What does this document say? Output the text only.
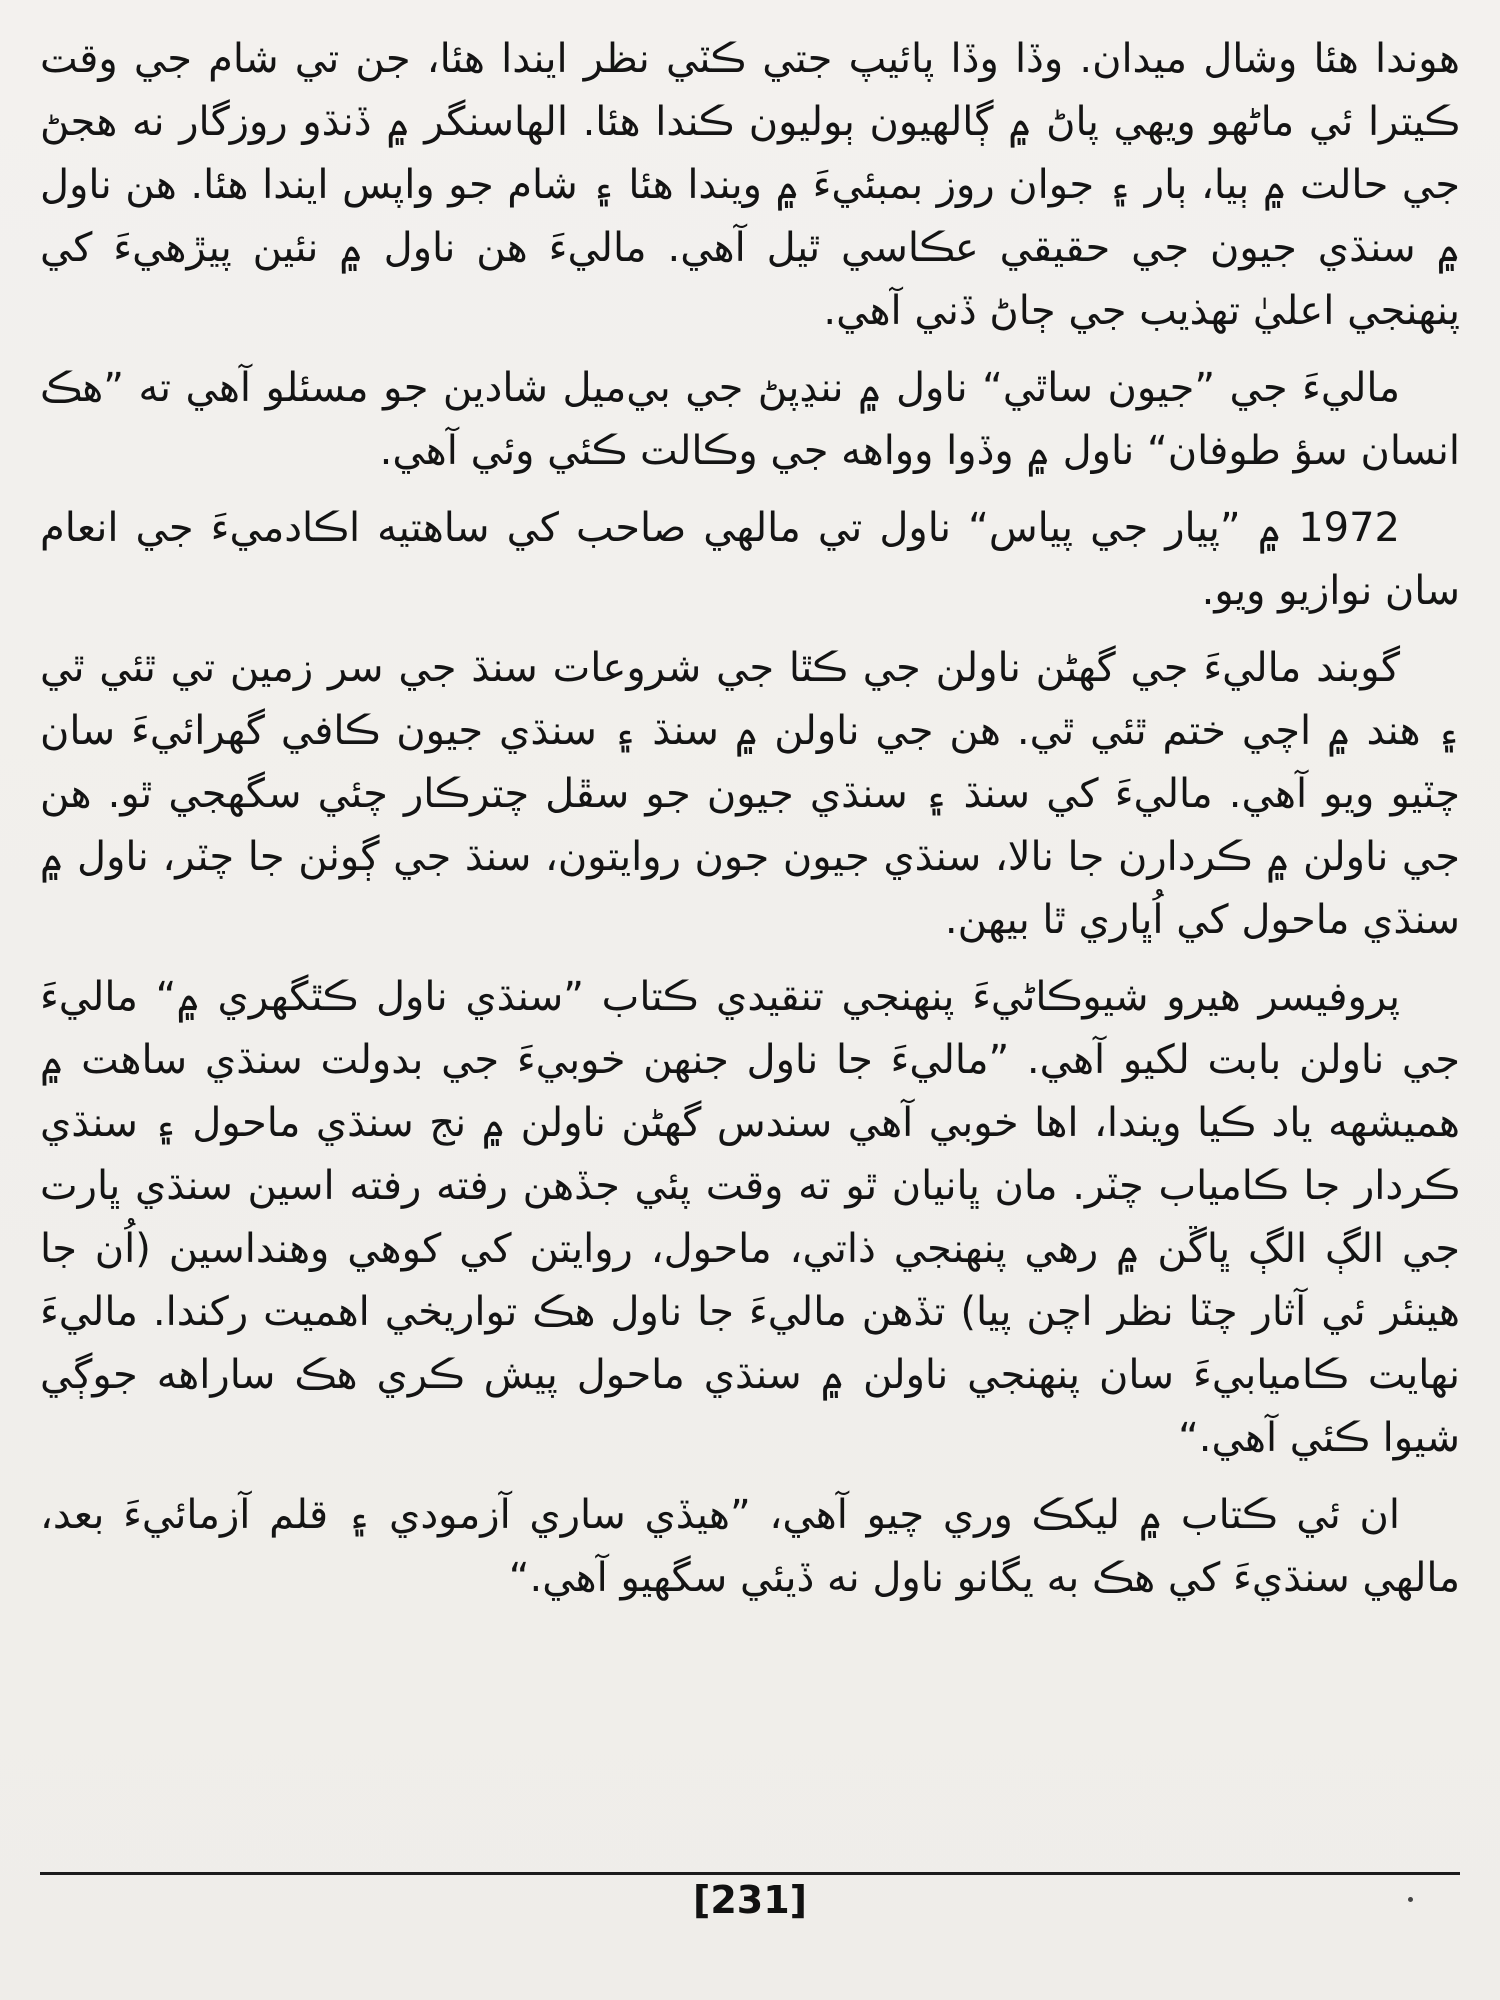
هوندا هئا وشال ميدان. وڏا وڏا پائيپ جتي ڪٽي نظر ايندا هئا، جن تي شام جي وقت ڪيترا ئي ماڻهو ويهي پاڻ ۾ ڳالهيون ٻوليون ڪندا هئا. الهاسنگر ۾ ڏنڌو روزگار نه هجڻ جي حالت ۾ ٻيا، ٻار ۽ جوان روز بمبئيءَ ۾ ويندا هئا ۽ شام جو واپس ايندا هئا. هن ناول ۾ سنڌي جيون جي حقيقي عڪاسي ٿيل آهي. ماليءَ هن ناول ۾ نئين پيڙهيءَ کي پنهنجي اعليٰ تهذيب جي ڄاڻ ڏني آهي.

ماليءَ جي ”جيون ساٿي“ ناول ۾ ننڍپڻ جي بي‌ميل شادين جو مسئلو آهي ته ”هڪ انسان سؤ طوفان“ ناول ۾ وڏوا وواهه جي وڪالت ڪئي وئي آهي.

1972 ۾ ”پيار جي پياس“ ناول تي مالهي صاحب کي ساهتيه اڪادميءَ جي انعام سان نوازيو ويو.

گوبند ماليءَ جي گهڻن ناولن جي ڪٿا جي شروعات سنڌ جي سر زمين تي ٿئي ٿي ۽ هند ۾ اچي ختم ٿئي ٿي. هن جي ناولن ۾ سنڌ ۽ سنڌي جيون ڪافي گهرائيءَ سان چٽيو ويو آهي. ماليءَ کي سنڌ ۽ سنڌي جيون جو سڦل چترڪار چئي سگهجي ٿو. هن جي ناولن ۾ ڪردارن جا نالا، سنڌي جيون جون روايتون، سنڌ جي ڳوٺن جا چٽر، ناول ۾ سنڌي ماحول کي اُڀاري ٿا بيهن.

پروفيسر هيرو شيوڪاڻيءَ پنهنجي تنقيدي ڪتاب ”سنڌي ناول ڪٿگهري ۾“ ماليءَ جي ناولن بابت لکيو آهي. ”ماليءَ جا ناول جنهن خوبيءَ جي بدولت سنڌي ساهت ۾ هميشهه ياد ڪيا ويندا، اها خوبي آهي سندس گهڻن ناولن ۾ نج سنڌي ماحول ۽ سنڌي ڪردار جا ڪامياب چٽر. مان ڀانيان ٿو ته وقت پئي جڏهن رفته رفته اسين سنڌي ڀارت جي الڳ الڳ ڀاڱن ۾ رهي پنهنجي ذاتي، ماحول، روايتن کي کوهي وهنداسين (اُن جا هينئر ئي آثار چٽا نظر اچن پيا) تڏهن ماليءَ جا ناول هڪ تواريخي اهميت رکندا. ماليءَ نهايت ڪاميابيءَ سان پنهنجي ناولن ۾ سنڌي ماحول پيش ڪري هڪ ساراهه جوڳي شيوا ڪئي آهي.“

ان ئي ڪتاب ۾ ليکڪ وري چيو آهي، ”هيڏي ساري آزمودي ۽ قلم آزمائيءَ بعد، مالهي سنڌيءَ کي هڪ به يگانو ناول نه ڏيئي سگهيو آهي.“

[231]
